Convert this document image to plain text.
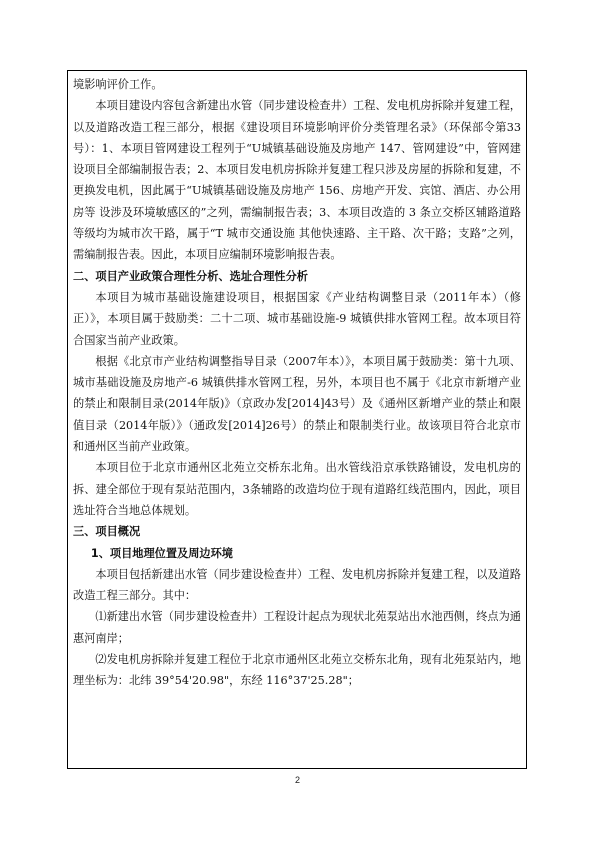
境影响评价工作。

本项目建设内容包含新建出水管（同步建设检查井）工程、发电机房拆除并复建工程，以及道路改造工程三部分，根据《建设项目环境影响评价分类管理名录》（环保部令第33号）：1、本项目管网建设工程列于“U城镇基础设施及房地产 147、管网建设”中，管网建设项目全部编制报告表；2、本项目发电机房拆除并复建工程只涉及房屋的拆除和复建，不更换发电机，因此属于“U城镇基础设施及房地产 156、房地产开发、宾馆、酒店、办公用房等 设涉及环境敏感区的”之列，需编制报告表；3、本项目改造的 3 条立交桥区辅路道路等级均为城市次干路，属于“T 城市交通设施 其他快速路、主干路、次干路；支路”之列，需编制报告表。因此，本项目应编制环境影响报告表。

二、项目产业政策合理性分析、选址合理性分析

本项目为城市基础设施建设项目，根据国家《产业结构调整目录（2011年本）（修正）》，本项目属于鼓励类：二十二项、城市基础设施-9 城镇供排水管网工程。故本项目符合国家当前产业政策。

根据《北京市产业结构调整指导目录（2007年本）》，本项目属于鼓励类：第十九项、城市基础设施及房地产-6 城镇供排水管网工程，另外，本项目也不属于《北京市新增产业的禁止和限制目录(2014年版)》（京政办发[2014]43号）及《通州区新增产业的禁止和限值目录（2014年版）》（通政发[2014]26号）的禁止和限制类行业。故该项目符合北京市和通州区当前产业政策。

本项目位于北京市通州区北苑立交桥东北角。出水管线沿京承铁路铺设，发电机房的拆、建全部位于现有泵站范围内，3条辅路的改造均位于现有道路红线范围内，因此，项目选址符合当地总体规划。

三、项目概况

1、项目地理位置及周边环境

本项目包括新建出水管（同步建设检查井）工程、发电机房拆除并复建工程，以及道路改造工程三部分。其中：

⑴新建出水管（同步建设检查井）工程设计起点为现状北苑泵站出水池西侧，终点为通惠河南岸；

⑵发电机房拆除并复建工程位于北京市通州区北苑立交桥东北角，现有北苑泵站内，地理坐标为：北纬 39°54'20.98"，东经 116°37'25.28"；

2
